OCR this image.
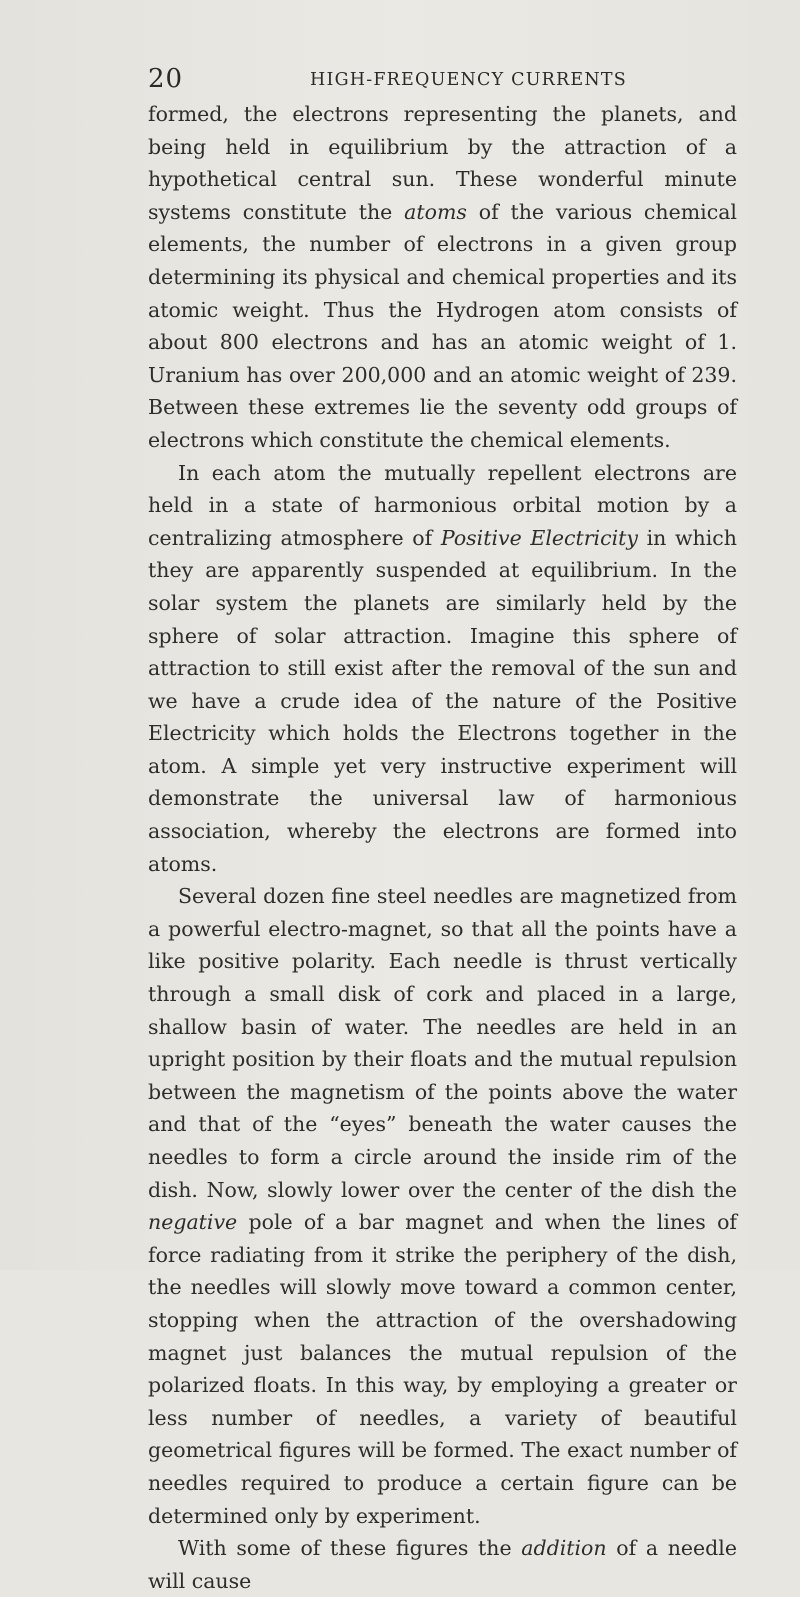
20	HIGH-FREQUENCY CURRENTS

formed, the electrons representing the planets, and being held in equilibrium by the attraction of a hypothetical central sun. These wonderful minute systems constitute the atoms of the various chemical elements, the number of electrons in a given group determining its physical and chemical properties and its atomic weight. Thus the Hydrogen atom consists of about 800 electrons and has an atomic weight of 1. Uranium has over 200,000 and an atomic weight of 239. Between these extremes lie the seventy odd groups of electrons which constitute the chemical elements.

In each atom the mutually repellent electrons are held in a state of harmonious orbital motion by a centralizing atmosphere of Positive Electricity in which they are apparently suspended at equilibrium. In the solar system the planets are similarly held by the sphere of solar attraction. Imagine this sphere of attraction to still exist after the removal of the sun and we have a crude idea of the nature of the Positive Electricity which holds the Electrons together in the atom. A simple yet very instructive experiment will demonstrate the universal law of harmonious association, whereby the electrons are formed into atoms.

Several dozen fine steel needles are magnetized from a powerful electro-magnet, so that all the points have a like positive polarity. Each needle is thrust vertically through a small disk of cork and placed in a large, shallow basin of water. The needles are held in an upright position by their floats and the mutual repulsion between the magnetism of the points above the water and that of the “eyes” beneath the water causes the needles to form a circle around the inside rim of the dish. Now, slowly lower over the center of the dish the negative pole of a bar magnet and when the lines of force radiating from it strike the periphery of the dish, the needles will slowly move toward a common center, stopping when the attraction of the overshadowing magnet just balances the mutual repulsion of the polarized floats. In this way, by employing a greater or less number of needles, a variety of beautiful geometrical figures will be formed. The exact number of needles required to produce a certain figure can be determined only by experiment.

With some of these figures the addition of a needle will cause
